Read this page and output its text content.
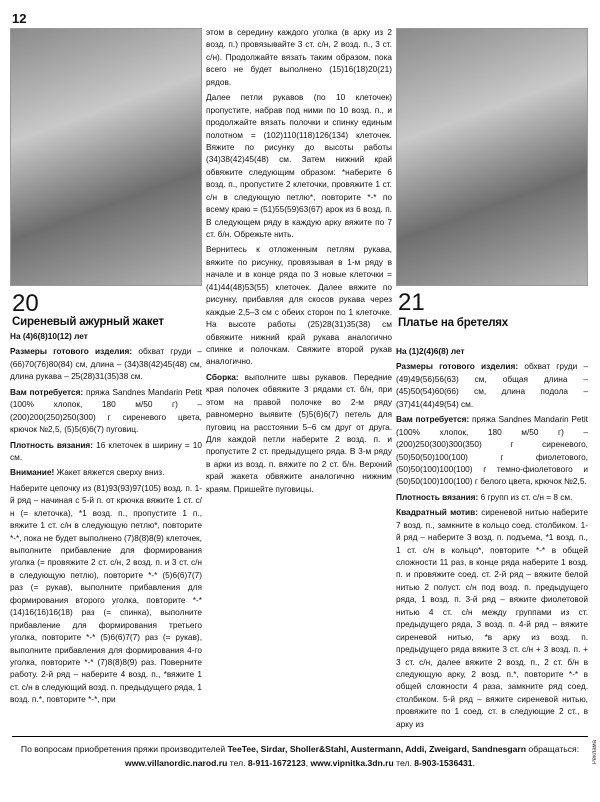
12
20
Сиреневый ажурный жакет

На (4)6(8)10(12) лет

Размеры готового изделия: обхват груди – (66)70(76)80(84) см, длина – (34)38(42)45(48) см, длина рукава – 25(28)31(35)38 см.

Вам потребуется: пряжа Sandnes Mandarin Petit (100% хлопок, 180 м/50 г) – (200)200(250)250(300) г сиреневого цвета, крючок №2,5, (5)5(6)6(7) пуговиц.

Плотность вязания: 16 клеточек в ширину = 10 см.

Внимание! Жакет вяжется сверху вниз.

Наберите цепочку из (81)93(93)97(105) возд. п. 1-й ряд – начиная с 5-й п. от крючка вяжите 1 ст. с/н (= клеточка), *1 возд. п., пропустите 1 п., вяжите 1 ст. с/н в следующую петлю*, повторите *-*, пока не будет выполнено (7)8(8)8(9) клеточек, выполните прибавление для формирования уголка (= провяжите 2 ст. с/н, 2 возд. п. и 3 ст. с/н в следующую петлю), повторите *-* (5)6(6)7(7) раз (= рукав), выполните прибавления для формирования второго уголка, повторите *-* (14)16(16)16(18) раз (= спинка), выполните прибавление для формирования третьего уголка, повторите *-* (5)6(6)7(7) раз (= рукав), выполните прибавления для формирования 4-го уголка, повторите *-* (7)8(8)8(9) раз. Поверните работу. 2-й ряд – наберите 4 возд. п., *вяжите 1 ст. с/н в следующий возд. п. предыдущего ряда, 1 возд. п.*, повторите *-*, при

этом в середину каждого уголка (в арку из 2 возд. п.) провязывайте 3 ст. с/н, 2 возд. п., 3 ст. с/н). Продолжайте вязать таким образом, пока всего не будет выполнено (15)16(18)20(21) рядов.

Далее петли рукавов (по 10 клеточек) пропустите, набрав под ними по 10 возд. п., и продолжайте вязать полочки и спинку единым полотном = (102)110(118)126(134) клеточек. Вяжите по рисунку до высоты работы (34)38(42)45(48) см. Затем нижний край обвяжите следующим образом: *наберите 6 возд. п., пропустите 2 клеточки, провяжите 1 ст. с/н в следующую петлю*, повторите *-* по всему краю = (51)55(59)63(67) арок из 6 возд. п. В следующем ряду в каждую арку вяжите по 7 ст. б/н. Обрежьте нить.

Вернитесь к отложенным петлям рукава, вяжите по рисунку, провязывая в 1-м ряду в начале и в конце ряда по 3 новые клеточки = (41)44(48)53(55) клеточек. Далее вяжите по рисунку, прибавляя для скосов рукава через каждые 2,5–3 см с обеих сторон по 1 клеточке. На высоте работы (25)28(31)35(38) см обвяжите нижний край рукава аналогично спинке и полочкам. Свяжите второй рукав аналогично.

Сборка: выполните швы рукавов. Передние края полочек обвяжите 3 рядами ст. б/н, при этом на правой полочке во 2-м ряду равномерно выявите (5)5(6)6(7) петель для пуговиц на расстоянии 5–6 см друг от друга. Для каждой петли наберите 2 возд. п. и пропустите 2 ст. предыдущего ряда. В 3-м ряду в арки из возд. п. вяжите по 2 ст. б/н. Верхний край жакета обвяжите аналогично нижним краям. Пришейте пуговицы.

21
Платье на бретелях

На (1)2(4)6(8) лет

Размеры готового изделия: обхват груди – (49)49(56)56(63) см, общая длина – (45)50(54)60(66) см, длина подола – (37)41(44)49(54) см.

Вам потребуется: пряжа Sandnes Mandarin Petit (100% хлопок, 180 м/50 г) – (200)250(300)300(350) г сиреневого, (50)50(50)100(100) г фиолетового, (50)50(100)100(100) г темно-фиолетового и (50)50(100)100(100) г белого цвета, крючок №2,5.

Плотность вязания: 6 групп из ст. с/н = 8 см.

Квадратный мотив: сиреневой нитью наберите 7 возд. п., замкните в кольцо соед. столбиком. 1-й ряд – наберите 3 возд. п. подъема, *1 возд. п., 1 ст. с/н в кольцо*, повторите *-* в общей сложности 11 раз, в конце ряда наберите 1 возд. п. и провяжите соед. ст. 2-й ряд – вяжите белой нитью 2 полуст. с/н под возд. п. предыдущего ряда, 1 возд. п. 3-й ряд – вяжите фиолетовой нитью 4 ст. с/н между группами из ст. предыдущего ряда, 3 возд. п. 4-й ряд – вяжите сиреневой нитью, *в арку из возд. п. предыдущего ряда вяжите 3 ст. с/н + 3 возд. п. + 3 ст. с/н, далее вяжите 2 возд. п., 2 ст. б/н в следующую арку, 2 возд. п.*, повторите *-* в общей сложности 4 раза, замкните ряд соед. столбиком. 5-й ряд – вяжите сиреневой нитью, провяжите по 1 соед. ст. в следующие 2 ст., в арку из

По вопросам приобретения пряжи производителей TeeTee, Sirdar, Sholler&Stahl, Austermann, Addi, Zweigard, Sandnesgarn обращаться: www.villanordic.narod.ru тел. 8-911-1672123, www.vipnitka.3dn.ru тел. 8-903-1536431.	Реклама
